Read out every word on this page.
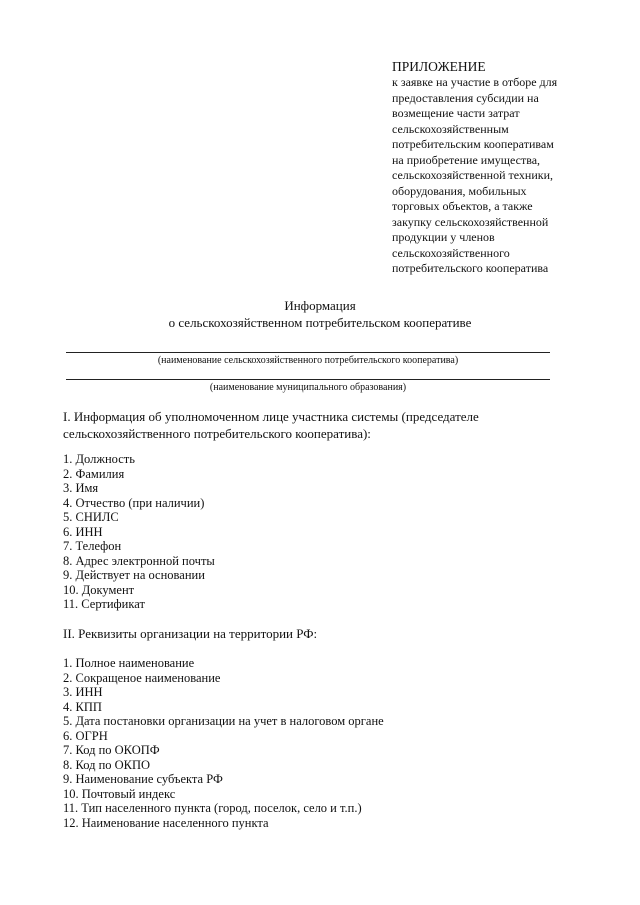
ПРИЛОЖЕНИЕ
к заявке на участие в отборе для
предоставления субсидии на
возмещение части затрат
сельскохозяйственным
потребительским кооперативам
на приобретение имущества,
сельскохозяйственной техники,
оборудования, мобильных
торговых объектов, а также
закупку сельскохозяйственной
продукции у членов
сельскохозяйственного
потребительского кооператива
Информация
о сельскохозяйственном потребительском кооперативе
(наименование сельскохозяйственного потребительского кооператива)
(наименование муниципального образования)
I. Информация об уполномоченном лице участника системы (председателе
сельскохозяйственного потребительского кооператива):
1. Должность
2. Фамилия
3. Имя
4. Отчество (при наличии)
5. СНИЛС
6. ИНН
7. Телефон
8. Адрес электронной почты
9. Действует на основании
10. Документ
11. Сертификат
II. Реквизиты организации на территории РФ:
1. Полное наименование
2. Сокращеное наименование
3. ИНН
4. КПП
5. Дата постановки организации на учет в налоговом органе
6. ОГРН
7. Код по ОКОПФ
8. Код по ОКПО
9. Наименование субъекта РФ
10. Почтовый индекс
11. Тип населенного пункта (город, поселок, село и т.п.)
12. Наименование населенного пункта
